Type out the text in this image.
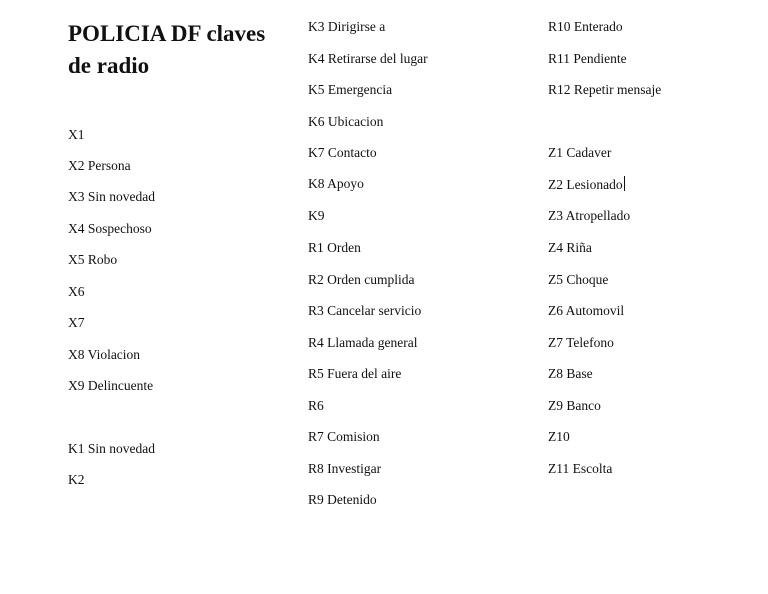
POLICIA DF claves de radio
X1
X2 Persona
X3 Sin novedad
X4 Sospechoso
X5 Robo
X6
X7
X8 Violacion
X9 Delincuente
K1 Sin novedad
K2
K3 Dirigirse a
K4 Retirarse del lugar
K5 Emergencia
K6 Ubicacion
K7 Contacto
K8 Apoyo
K9
R1 Orden
R2 Orden cumplida
R3 Cancelar servicio
R4 Llamada general
R5 Fuera del aire
R6
R7 Comision
R8 Investigar
R9 Detenido
R10 Enterado
R11 Pendiente
R12 Repetir mensaje
Z1 Cadaver
Z2 Lesionado
Z3 Atropellado
Z4 Riña
Z5 Choque
Z6 Automovil
Z7 Telefono
Z8 Base
Z9 Banco
Z10
Z11 Escolta
